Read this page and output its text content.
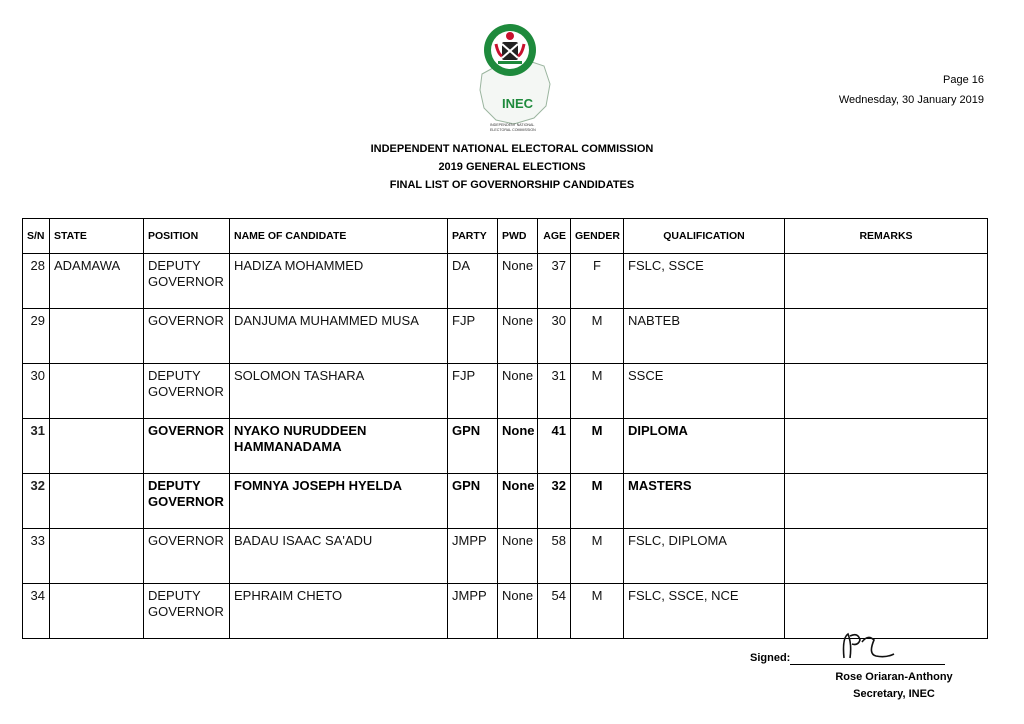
INEC
INDEPENDENT NATIONAL
ELECTORAL COMMISSION
Page 16
Wednesday, 30 January 2019
INDEPENDENT NATIONAL ELECTORAL COMMISSION
2019 GENERAL ELECTIONS
FINAL LIST OF GOVERNORSHIP CANDIDATES
S/N	STATE	POSITION	NAME OF CANDIDATE	PARTY	PWD	AGE	GENDER	QUALIFICATION	REMARKS
28	ADAMAWA	DEPUTY GOVERNOR	HADIZA MOHAMMED	DA	None	37	F	FSLC, SSCE	
29		GOVERNOR	DANJUMA MUHAMMED MUSA	FJP	None	30	M	NABTEB	
30		DEPUTY GOVERNOR	SOLOMON TASHARA	FJP	None	31	M	SSCE	
31		GOVERNOR	NYAKO NURUDDEEN HAMMANADAMA	GPN	None	41	M	DIPLOMA	
32		DEPUTY GOVERNOR	FOMNYA JOSEPH HYELDA	GPN	None	32	M	MASTERS	
33		GOVERNOR	BADAU ISAAC SA'ADU	JMPP	None	58	M	FSLC, DIPLOMA	
34		DEPUTY GOVERNOR	EPHRAIM CHETO	JMPP	None	54	M	FSLC, SSCE, NCE	
Signed:
Rose Oriaran-Anthony
Secretary, INEC
